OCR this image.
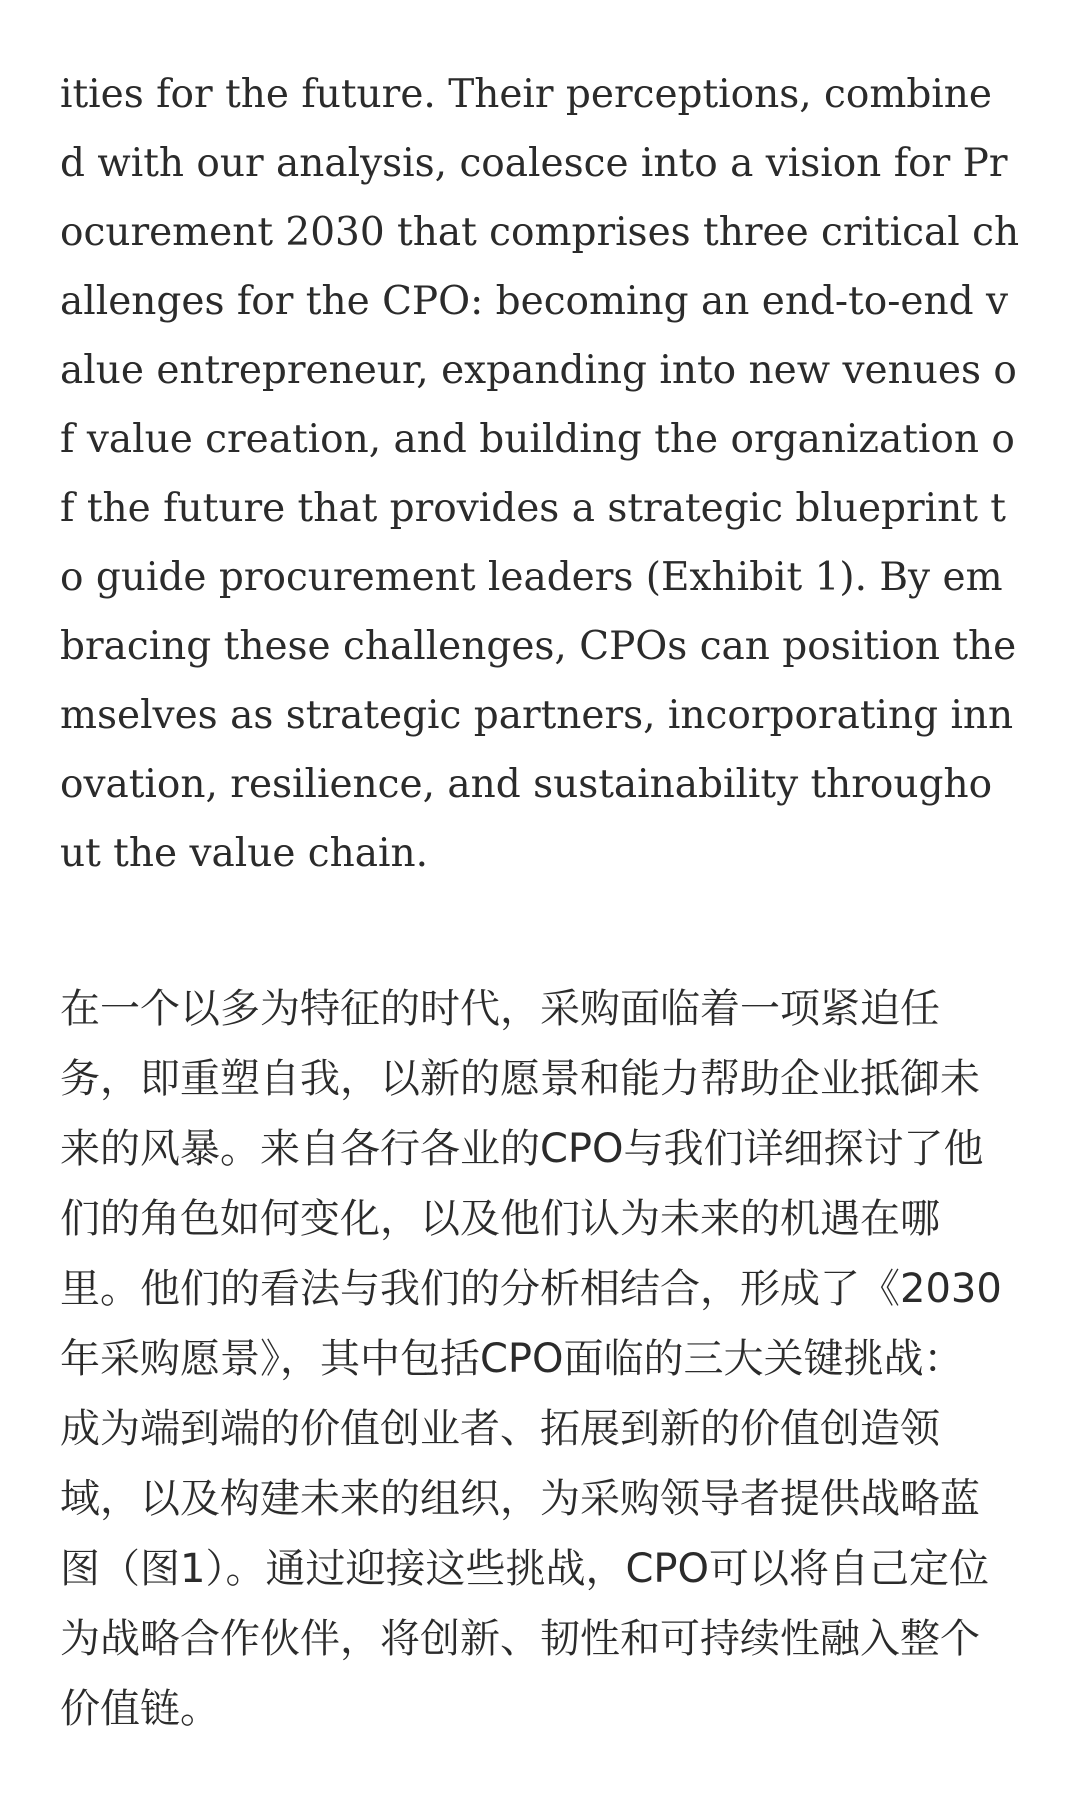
ities for the future. Their perceptions, combine

d with our analysis, coalesce into a vision for Pr

ocurement 2030 that comprises three critical ch

allenges for the CPO: becoming an end-to-end v

alue entrepreneur, expanding into new venues o

f value creation, and building the organization o

f the future that provides a strategic blueprint t

o guide procurement leaders (Exhibit 1). By em

bracing these challenges, CPOs can position the

mselves as strategic partners, incorporating inn

ovation, resilience, and sustainability througho

ut the value chain.

在一个以多为特征的时代，采购面临着一项紧迫任

务，即重塑自我，以新的愿景和能力帮助企业抵御未

来的风暴。来自各行各业的CPO与我们详细探讨了他

们的角色如何变化，以及他们认为未来的机遇在哪

里。他们的看法与我们的分析相结合，形成了《2030

年采购愿景》，其中包括CPO面临的三大关键挑战：

成为端到端的价值创业者、拓展到新的价值创造领

域，以及构建未来的组织，为采购领导者提供战略蓝

图（图1）。通过迎接这些挑战，CPO可以将自己定位

为战略合作伙伴，将创新、韧性和可持续性融入整个

价值链。
